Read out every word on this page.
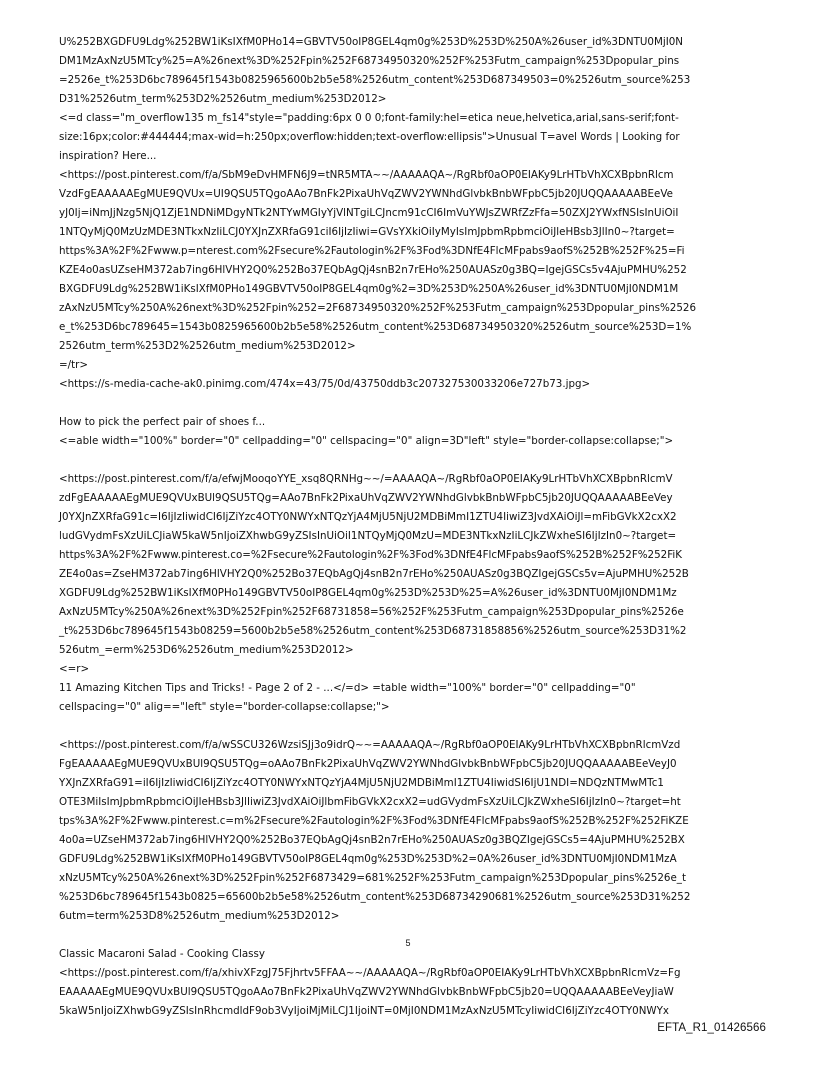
U%252BXGDFU9Ldg%252BW1iKsIXfM0PHo14=GBVTV50oIP8GEL4qm0g%253D%253D%250A%26user_id%3DNTU0MjI0N
DM1MzAxNzU5MTcy%25=A%26next%3D%252Fpin%252F68734950320%252F%253Futm_campaign%253Dpopular_pins
=2526e_t%253D6bc789645f1543b0825965600b2b5e58%2526utm_content%253D687349503=0%2526utm_source%253
D31%2526utm_term%253D2%2526utm_medium%253D2012>
<=d class="m_overflow135 m_fs14"style="padding:6px 0 0 0;font-family:hel=etica neue,helvetica,arial,sans-serif;font-
size:16px;color:#444444;max-wid=h:250px;overflow:hidden;text-overflow:ellipsis">Unusual T=avel Words | Looking for
inspiration? Here...
<https://post.pinterest.com/f/a/SbM9eDvHMFN6J9=tNR5MTA~~/AAAAAQA~/RgRbf0aOP0EIAKy9LrHTbVhXCXBpbnRlcm
VzdFgEAAAAAEgMUE9QVUx=UI9QSU5TQgoAAo7BnFk2PixaUhVqZWV2YWNhdGlvbkBnbWFpbC5jb20JUQQAAAAABEeVe
yJ0Ij=iNmJjNzg5NjQ1ZjE1NDNiMDgyNTk2NTYwMGIyYjVlNTgiLCJncm91cCI6ImVuYWJsZWRfZzFfa=50ZXJ2YWxfNSIsInUiOiI
1NTQyMjQ0MzUzMDE3NTkxNzIiLCJ0YXJnZXRfaG91ciI6IjIzIiwi=GVsYXkiOiIyMyIsImJpbmRpbmciOiJleHBsb3JlIn0~?target=
https%3A%2F%2Fwww.p=nterest.com%2Fsecure%2Fautologin%2F%3Fod%3DNfE4FlcMFpabs9aofS%252B%252F%25=Fi
KZE4o0asUZseHM372ab7ing6HlVHY2Q0%252Bo37EQbAgQj4snB2n7rEHo%250AUASz0g3BQ=IgejGSCs5v4AjuPMHU%252
BXGDFU9Ldg%252BW1iKsIXfM0PHo149GBVTV50oIP8GEL4qm0g%2=3D%253D%250A%26user_id%3DNTU0MjI0NDM1M
zAxNzU5MTcy%250A%26next%3D%252Fpin%252=2F68734950320%252F%253Futm_campaign%253Dpopular_pins%2526
e_t%253D6bc789645=1543b0825965600b2b5e58%2526utm_content%253D68734950320%2526utm_source%253D=1%
2526utm_term%253D2%2526utm_medium%253D2012>
=/tr>
<https://s-media-cache-ak0.pinimg.com/474x=43/75/0d/43750ddb3c207327530033206e727b73.jpg>
How to pick the perfect pair of shoes f...
<=able width="100%" border="0" cellpadding="0" cellspacing="0" align=3D"left" style="border-collapse:collapse;">
<https://post.pinterest.com/f/a/efwjMooqoYYE_xsq8QRNHg~~/=AAAAQA~/RgRbf0aOP0EIAKy9LrHTbVhXCXBpbnRlcmV
zdFgEAAAAAEgMUE9QVUxBUl9QSU5TQg=AAo7BnFk2PixaUhVqZWV2YWNhdGlvbkBnbWFpbC5jb20JUQQAAAAABEeVey
J0YXJnZXRfaG91c=I6IjIzIiwidCI6IjZiYzc4OTY0NWYxNTQzYjA4MjU5NjU2MDBiMmI1ZTU4IiwiZ3JvdXAiOiJl=mFibGVkX2cxX2
ludGVydmFsXzUiLCJiaW5kaW5nIjoiZXhwbG9yZSIsInUiOiI1NTQyMjQ0MzU=MDE3NTkxNzIiLCJkZWxheSI6IjIzIn0~?target=
https%3A%2F%2Fwww.pinterest.co=%2Fsecure%2Fautologin%2F%3Fod%3DNfE4FlcMFpabs9aofS%252B%252F%252FiK
ZE4o0as=ZseHM372ab7ing6HlVHY2Q0%252Bo37EQbAgQj4snB2n7rEHo%250AUASz0g3BQZIgejGSCs5v=AjuPMHU%252B
XGDFU9Ldg%252BW1iKsIXfM0PHo149GBVTV50oIP8GEL4qm0g%253D%253D%25=A%26user_id%3DNTU0MjI0NDM1Mz
AxNzU5MTcy%250A%26next%3D%252Fpin%252F68731858=56%252F%253Futm_campaign%253Dpopular_pins%2526e
_t%253D6bc789645f1543b08259=5600b2b5e58%2526utm_content%253D68731858856%2526utm_source%253D31%2
526utm_=erm%253D6%2526utm_medium%253D2012>
<=r>
11 Amazing Kitchen Tips and Tricks! - Page 2 of 2 - ...</=d> =table width="100%" border="0" cellpadding="0"
cellspacing="0" alig=="left" style="border-collapse:collapse;">
<https://post.pinterest.com/f/a/wSSCU326WzsiSJj3o9idrQ~~=AAAAAQA~/RgRbf0aOP0EIAKy9LrHTbVhXCXBpbnRlcmVzd
FgEAAAAAEgMUE9QVUxBUl9QSU5TQg=oAAo7BnFk2PixaUhVqZWV2YWNhdGlvbkBnbWFpbC5jb20JUQQAAAAABEeVeyJ0
YXJnZXRfaG91=iI6IjIzIiwidCI6IjZiYzc4OTY0NWYxNTQzYjA4MjU5NjU2MDBiMmI1ZTU4IiwidSI6IjU1NDI=NDQzNTMwMTc1
OTE3MiIsImJpbmRpbmciOiJleHBsb3JlIiwiZ3JvdXAiOiJlbmFibGVkX2cxX2=udGVydmFsXzUiLCJkZWxheSI6IjIzIn0~?target=ht
tps%3A%2F%2Fwww.pinterest.c=m%2Fsecure%2Fautologin%2F%3Fod%3DNfE4FlcMFpabs9aofS%252B%252F%252FiKZE
4o0a=UZseHM372ab7ing6HlVHY2Q0%252Bo37EQbAgQj4snB2n7rEHo%250AUASz0g3BQZIgejGSCs5=4AjuPMHU%252BX
GDFU9Ldg%252BW1iKsIXfM0PHo149GBVTV50oIP8GEL4qm0g%253D%253D%2=0A%26user_id%3DNTU0MjI0NDM1MzA
xNzU5MTcy%250A%26next%3D%252Fpin%252F6873429=681%252F%253Futm_campaign%253Dpopular_pins%2526e_t
%253D6bc789645f1543b0825=65600b2b5e58%2526utm_content%253D68734290681%2526utm_source%253D31%252
6utm=term%253D8%2526utm_medium%253D2012>
Classic Macaroni Salad - Cooking Classy
<https://post.pinterest.com/f/a/xhivXFzgJ75Fjhrtv5FFAA~~/AAAAAQA~/RgRbf0aOP0EIAKy9LrHTbVhXCXBpbnRlcmVz=Fg
EAAAAAEgMUE9QVUxBUl9QSU5TQgoAAo7BnFk2PixaUhVqZWV2YWNhdGlvbkBnbWFpbC5jb20=UQQAAAAABEeVeyJiaW
5kaW5nIjoiZXhwbG9yZSIsInRhcmdldF9ob3VyIjoiMjMiLCJ1IjoiNT=0MjI0NDM1MzAxNzU5MTcyIiwidCI6IjZiYzc4OTY0NWYx
5
EFTA_R1_01426566
